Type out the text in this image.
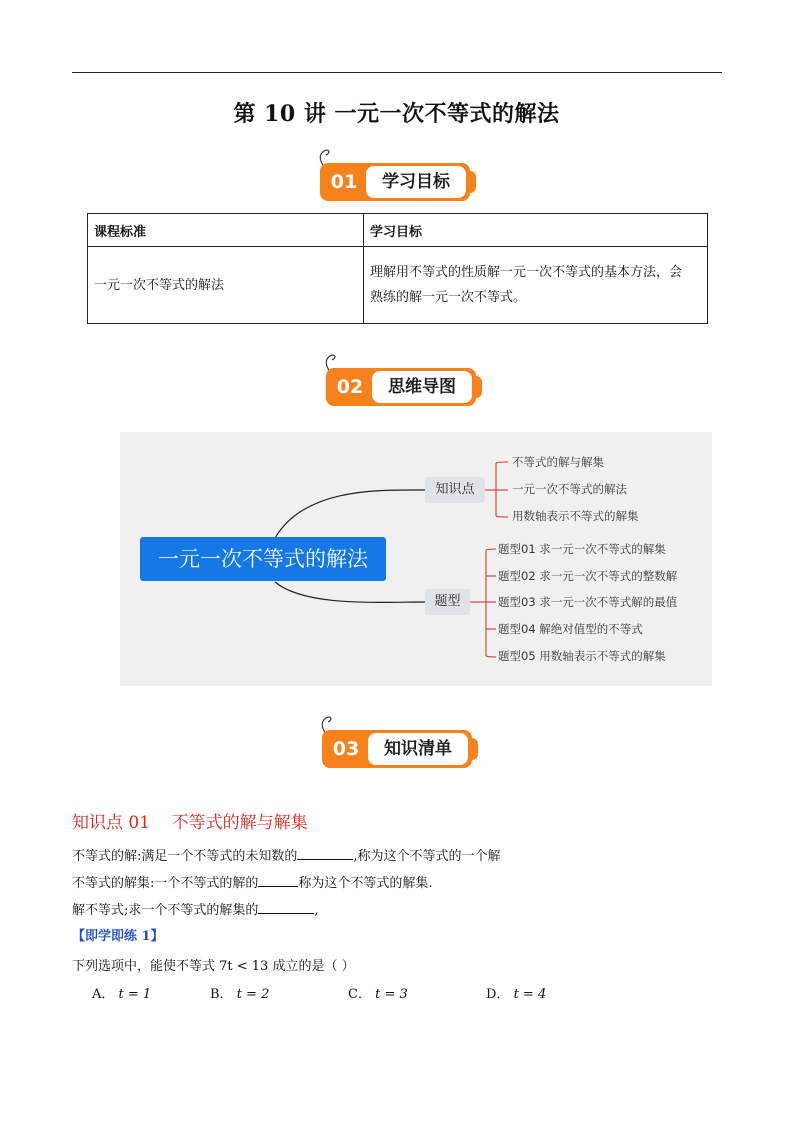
第 10 讲 一元一次不等式的解法
01	学习目标
课程标准	学习目标
一元一次不等式的解法	理解用不等式的性质解一元一次不等式的基本方法，会
熟练的解一元一次不等式。
02	思维导图
一元一次不等式的解法
知识点
题型
不等式的解与解集
一元一次不等式的解法
用数轴表示不等式的解集
题型01 求一元一次不等式的解集
题型02 求一元一次不等式的整数解
题型03 求一元一次不等式解的最值
题型04 解绝对值型的不等式
题型05 用数轴表示不等式的解集
03	知识清单
知识点 01    不等式的解与解集
不等式的解:满足一个不等式的未知数的	,称为这个不等式的一个解
不等式的解集:一个不等式的解的	称为这个不等式的解集.
解不等式;求一个不等式的解集的	,
【即学即练 1】
下列选项中，能使不等式 7t < 13 成立的是（ ）
A． t = 1	B． t = 2	C． t = 3	D． t = 4
